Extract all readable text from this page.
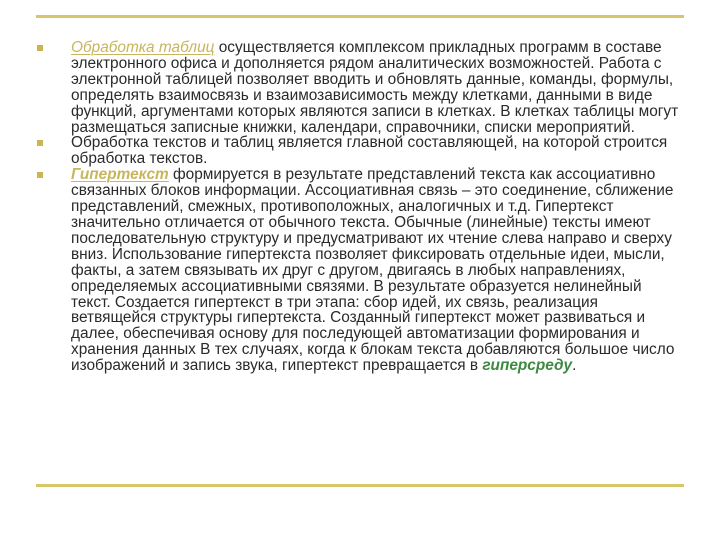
Обработка таблиц осуществляется комплексом прикладных программ в составе электронного офиса и дополняется рядом аналитических возможностей. Работа с электронной таблицей позволяет вводить и обновлять данные, команды, формулы, определять взаимосвязь и взаимозависимость между клетками, данными в виде функций, аргументами которых являются записи в клетках. В клетках таблицы могут размещаться записные книжки, календари, справочники, списки мероприятий.

Обработка текстов и таблиц является главной составляющей, на которой строится обработка текстов.

Гипертекст формируется в результате представлений текста как ассоциативно связанных блоков информации. Ассоциативная связь – это соединение, сближение представлений, смежных, противоположных, аналогичных и т.д. Гипертекст значительно отличается от обычного текста. Обычные (линейные) тексты имеют последовательную структуру и предусматривают их чтение слева направо и сверху вниз. Использование гипертекста позволяет фиксировать отдельные идеи, мысли, факты, а затем связывать их друг с другом, двигаясь в любых направлениях, определяемых ассоциативными связями. В результате образуется нелинейный текст. Создается гипертекст в три этапа: сбор идей, их связь, реализация ветвящейся структуры гипертекста. Созданный гипертекст может развиваться и далее, обеспечивая основу для последующей автоматизации формирования и хранения данных В тех случаях, когда к блокам текста добавляются большое число изображений и запись звука, гипертекст превращается в гиперсреду.
